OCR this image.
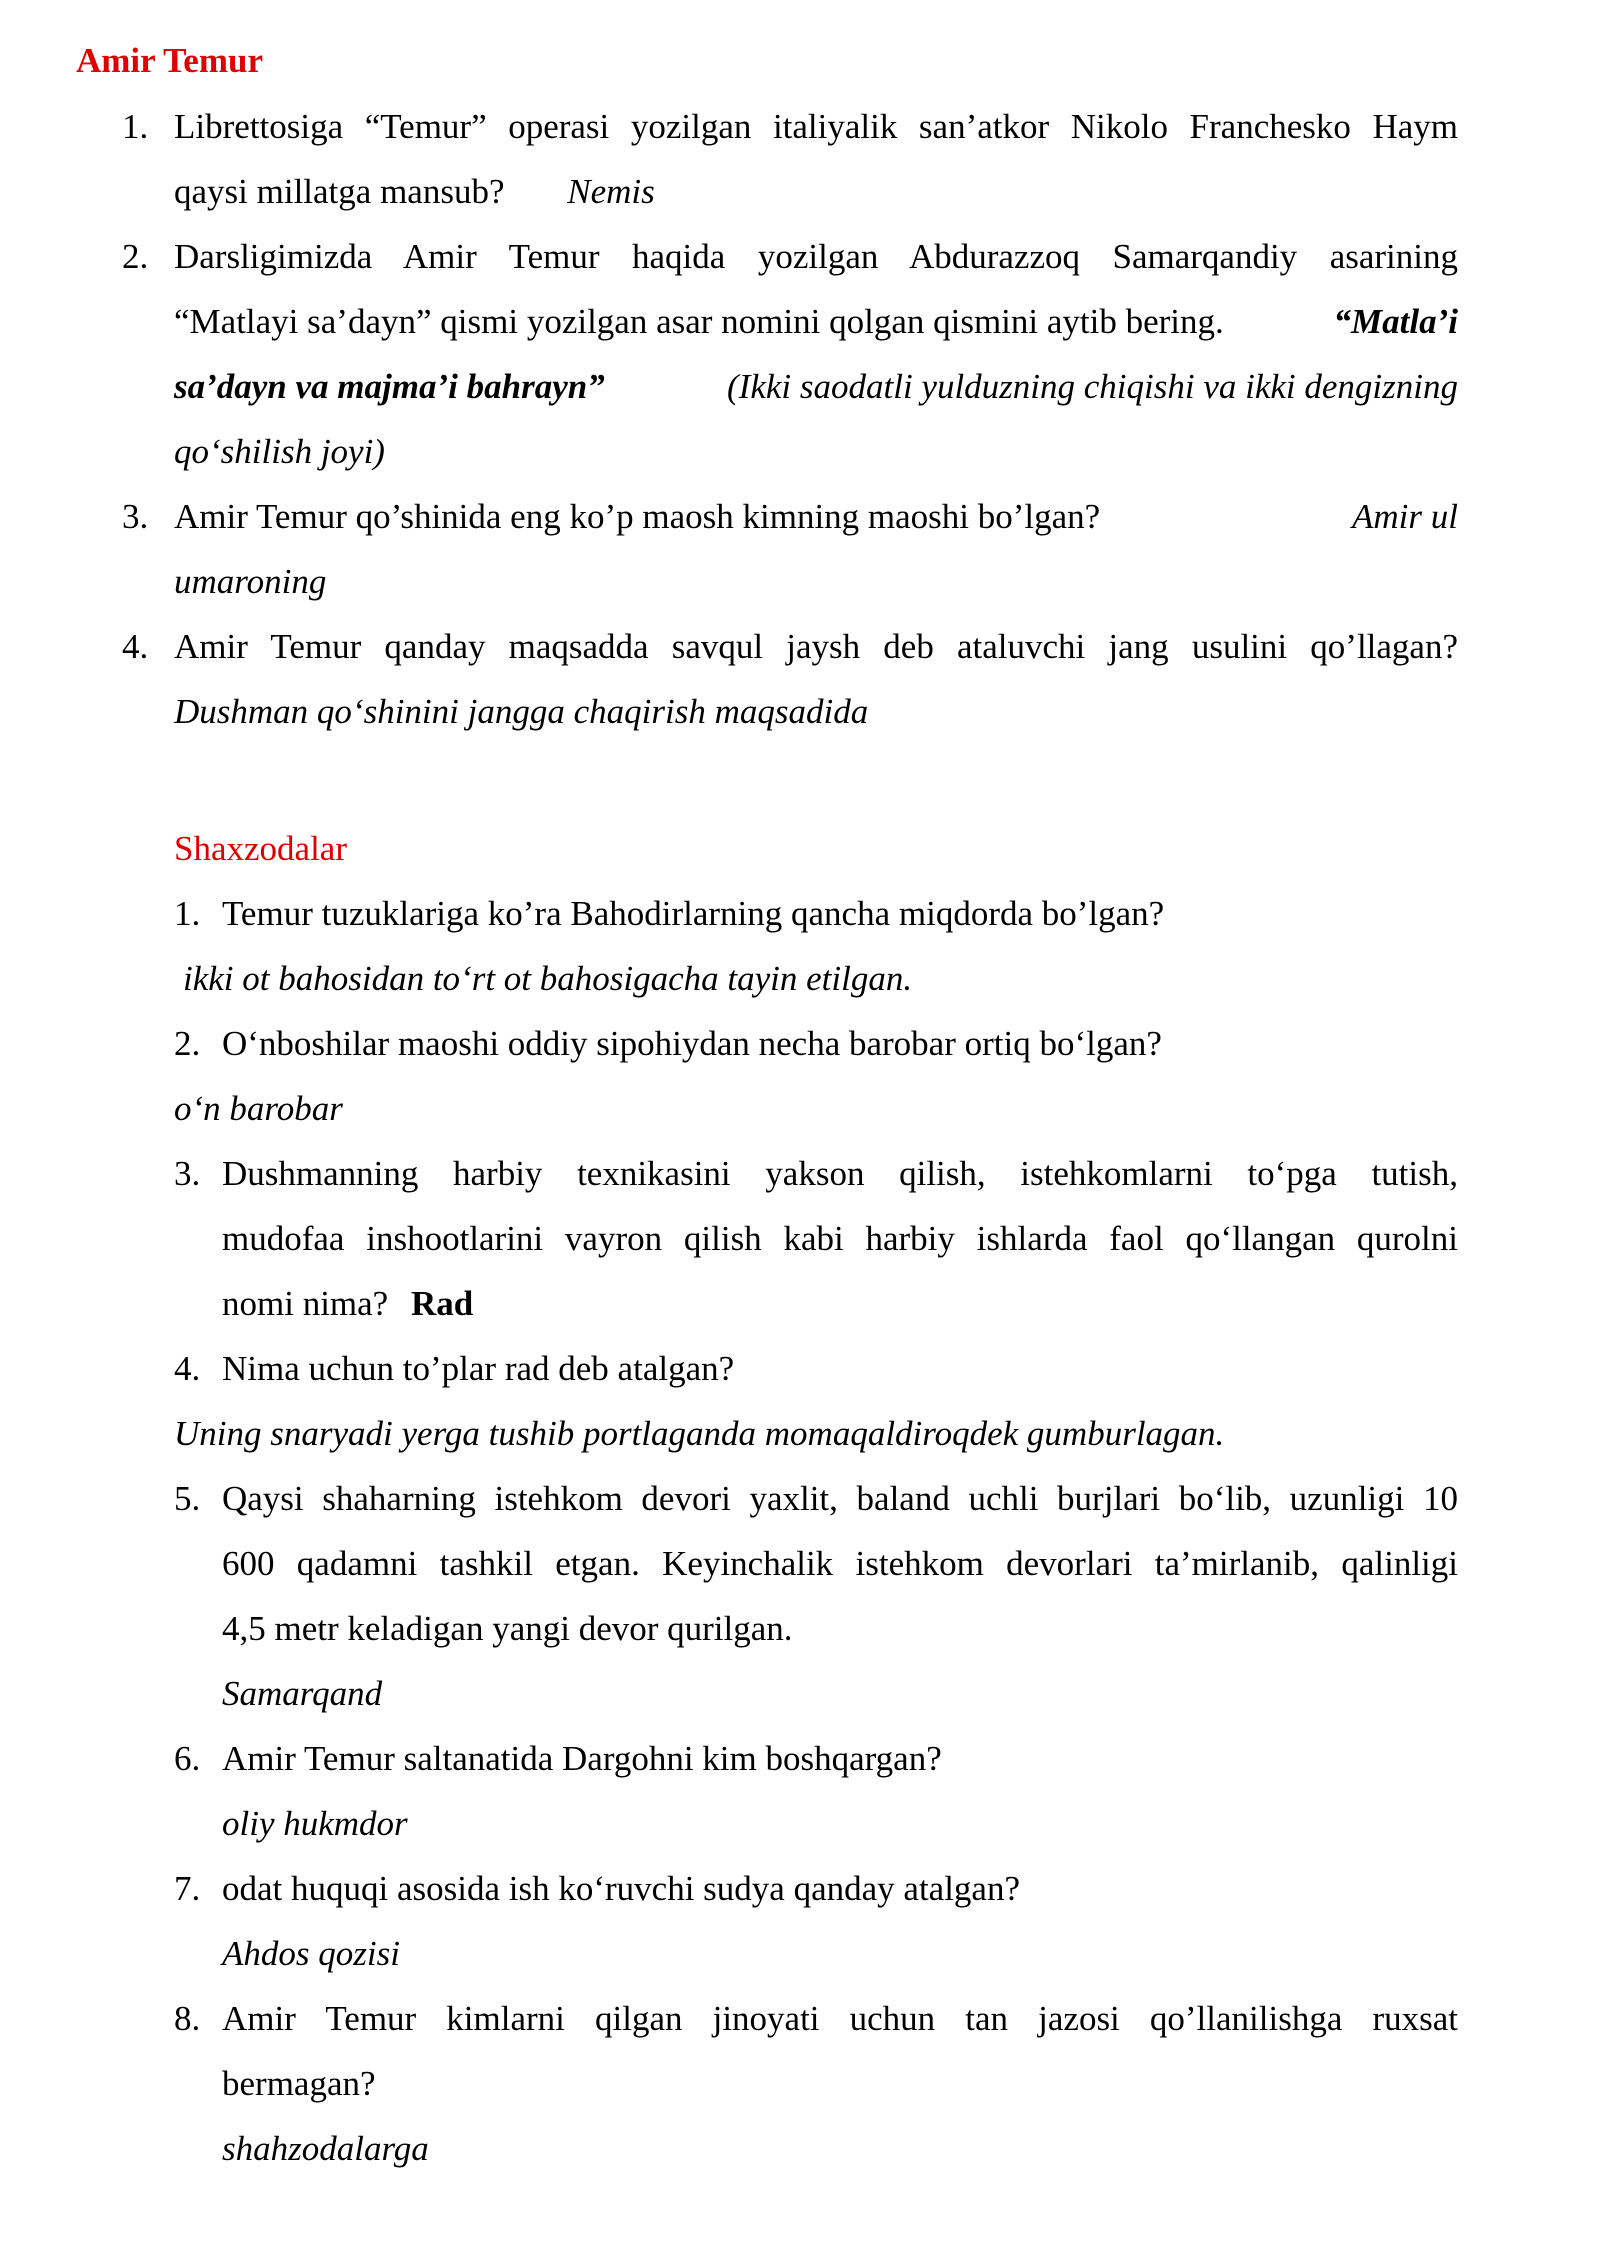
Amir Temur
1. Librettosiga “Temur” operasi yozilgan italiyalik san’atkor Nikolo Franchesko Haym
qaysi millatga mansub? Nemis
2. Darsligimizda Amir Temur haqida yozilgan Abdurazzoq Samarqandiy asarining
“Matlayi sa’dayn” qismi yozilgan asar nomini qolgan qismini aytib bering.	“Matla’i
sa’dayn va majma’i bahrayn”	(Ikki saodatli yulduzning chiqishi va ikki dengizning
qo‘shilish joyi)
3. Amir Temur qo’shinida eng ko’p maosh kimning maoshi bo’lgan?	Amir ul
umaroning
4. Amir Temur qanday maqsadda savqul jaysh deb ataluvchi jang usulini qo’llagan?
Dushman qo‘shinini jangga chaqirish maqsadida
Shaxzodalar
1. Temur tuzuklariga ko’ra Bahodirlarning qancha miqdorda bo’lgan?
ikki ot bahosidan to‘rt ot bahosigacha tayin etilgan.
2. O‘nboshilar maoshi oddiy sipohiydan necha barobar ortiq bo‘lgan?
o‘n barobar
3. Dushmanning harbiy texnikasini yakson qilish, istehkomlarni to‘pga tutish,
mudofaa inshootlarini vayron qilish kabi harbiy ishlarda faol qo‘llangan qurolni
nomi nima? Rad
4. Nima uchun to’plar rad deb atalgan?
Uning snaryadi yerga tushib portlaganda momaqaldiroqdek gumburlagan.
5. Qaysi shaharning istehkom devori yaxlit, baland uchli burjlari bo‘lib, uzunligi 10
600 qadamni tashkil etgan. Keyinchalik istehkom devorlari ta’mirlanib, qalinligi
4,5 metr keladigan yangi devor qurilgan.
Samarqand
6. Amir Temur saltanatida Dargohni kim boshqargan?
oliy hukmdor
7. odat huquqi asosida ish ko‘ruvchi sudya qanday atalgan?
Ahdos qozisi
8. Amir Temur kimlarni qilgan jinoyati uchun tan jazosi qo’llanilishga ruxsat
bermagan?
shahzodalarga
